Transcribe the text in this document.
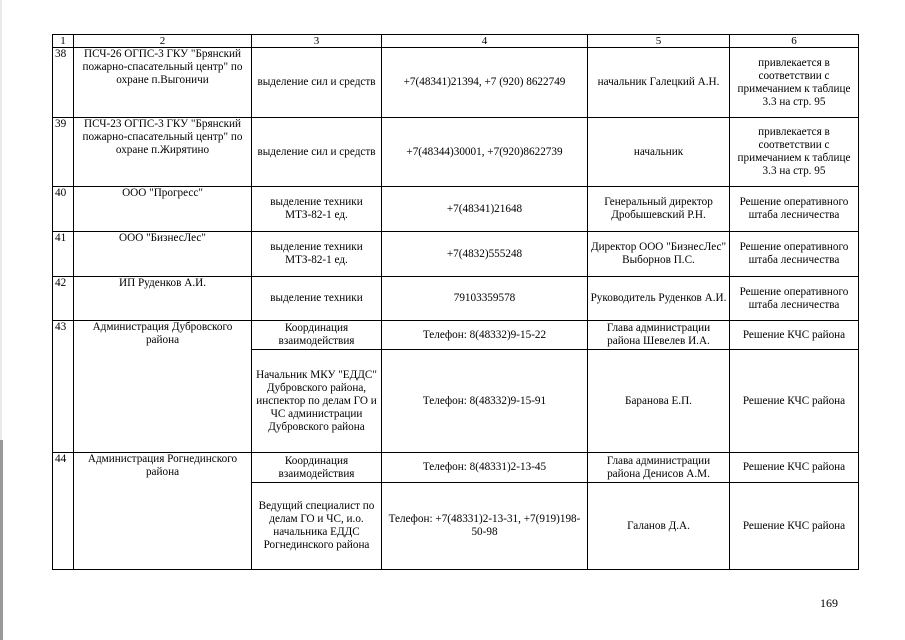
1	2	3	4	5	6
38	ПСЧ-26 ОГПС-3 ГКУ "Брянский пожарно-спасательный центр" по охране п.Выгоничи	выделение сил и средств	+7(48341)21394, +7 (920) 8622749	начальник Галецкий А.Н.	привлекается в соответствии с примечанием к таблице 3.3 на стр. 95
39	ПСЧ-23 ОГПС-3 ГКУ "Брянский пожарно-спасательный центр" по охране п.Жирятино	выделение сил и средств	+7(48344)30001, +7(920)8622739	начальник	привлекается в соответствии с примечанием к таблице 3.3 на стр. 95
40	ООО "Прогресс"	выделение техники МТЗ-82-1 ед.	+7(48341)21648	Генеральный директор Дробышевский Р.Н.	Решение оперативного штаба лесничества
41	ООО "БизнесЛес"	выделение техники МТЗ-82-1 ед.	+7(4832)555248	Директор ООО "БизнесЛес" Выборнов П.С.	Решение оперативного штаба лесничества
42	ИП Руденков А.И.	выделение техники	79103359578	Руководитель Руденков А.И.	Решение оперативного штаба лесничества
43	Администрация Дубровского района	Координация взаимодействия	Телефон: 8(48332)9-15-22	Глава администрации района Шевелев И.А.	Решение КЧС района
		Начальник МКУ "ЕДДС" Дубровского района, инспектор по делам ГО и ЧС администрации Дубровского района	Телефон: 8(48332)9-15-91	Баранова Е.П.	Решение КЧС района
44	Администрация Рогнединского района	Координация взаимодействия	Телефон: 8(48331)2-13-45	Глава администрации района Денисов А.М.	Решение КЧС района
		Ведущий специалист по делам ГО и ЧС, и.о. начальника ЕДДС Рогнединского района	Телефон: +7(48331)2-13-31, +7(919)198-50-98	Галанов Д.А.	Решение КЧС района
169
